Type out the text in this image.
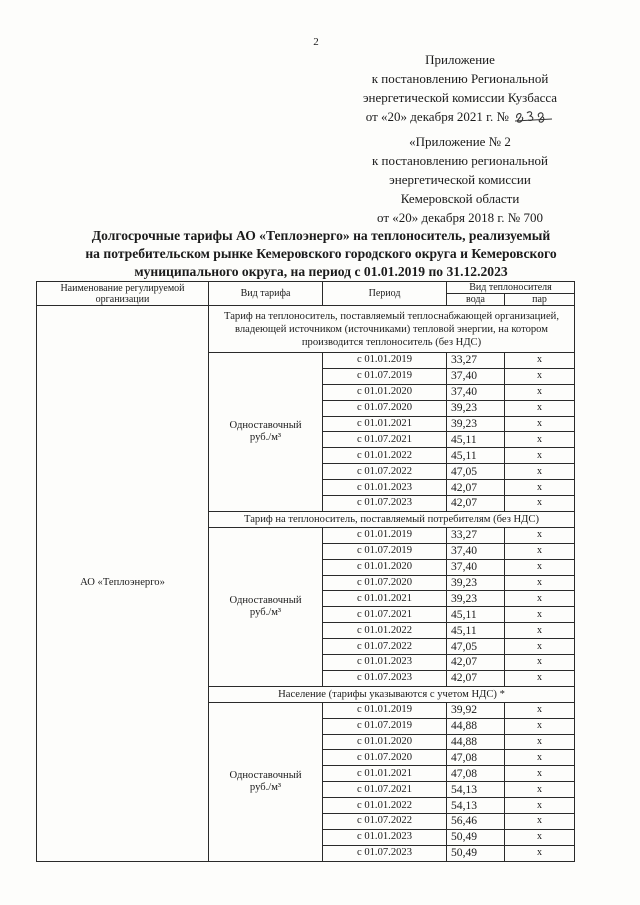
2
Приложение
к постановлению Региональной
энергетической комиссии Кузбасса
от «20» декабря 2021 г. №
«Приложение № 2
к постановлению региональной
энергетической комиссии
Кемеровской области
от «20» декабря 2018 г. № 700
Долгосрочные тарифы АО «Теплоэнерго» на теплоноситель, реализуемый
на потребительском рынке Кемеровского городского округа и Кемеровского
муниципального округа, на период с 01.01.2019 по 31.12.2023
Наименование регулируемой организации	Вид тарифа	Период	Вид теплоносителя	
			вода	пар
АО «Теплоэнерго»	Тариф на теплоноситель, поставляемый теплоснабжающей организацией, владеющей источником (источниками) тепловой энергии, на котором производится теплоноситель (без НДС)			

	Одноставочный
руб./м³	с 01.01.2019	33,27	x
		с 01.07.2019	37,40	x
		с 01.01.2020	37,40	x
		с 01.07.2020	39,23	x
		с 01.01.2021	39,23	x
		с 01.07.2021	45,11	x
		с 01.01.2022	45,11	x
		с 01.07.2022	47,05	x
		с 01.01.2023	42,07	x
		с 01.07.2023	42,07	x
	Тариф на теплоноситель, поставляемый потребителям (без НДС)			

	Одноставочный
руб./м³	с 01.01.2019	33,27	x
		с 01.07.2019	37,40	x
		с 01.01.2020	37,40	x
		с 01.07.2020	39,23	x
		с 01.01.2021	39,23	x
		с 01.07.2021	45,11	x
		с 01.01.2022	45,11	x
		с 01.07.2022	47,05	x
		с 01.01.2023	42,07	x
		с 01.07.2023	42,07	x
	Население (тарифы указываются с учетом НДС) *			

	Одноставочный
руб./м³	с 01.01.2019	39,92	x
		с 01.07.2019	44,88	x
		с 01.01.2020	44,88	x
		с 01.07.2020	47,08	x
		с 01.01.2021	47,08	x
		с 01.07.2021	54,13	x
		с 01.01.2022	54,13	x
		с 01.07.2022	56,46	x
		с 01.01.2023	50,49	x
		с 01.07.2023	50,49	x
